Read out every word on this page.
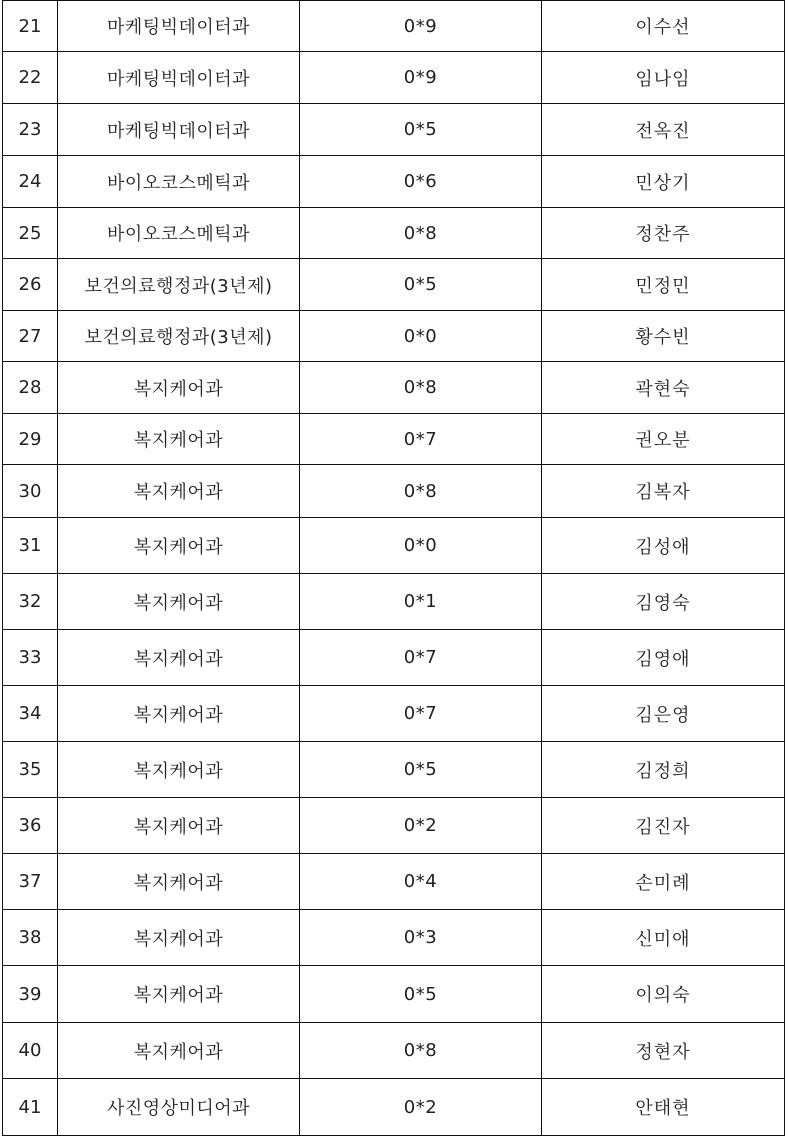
21	마케팅빅데이터과	0*9	이수선
22	마케팅빅데이터과	0*9	임나임
23	마케팅빅데이터과	0*5	전옥진
24	바이오코스메틱과	0*6	민상기
25	바이오코스메틱과	0*8	정찬주
26	보건의료행정과(3년제)	0*5	민정민
27	보건의료행정과(3년제)	0*0	황수빈
28	복지케어과	0*8	곽현숙
29	복지케어과	0*7	권오분
30	복지케어과	0*8	김복자
31	복지케어과	0*0	김성애
32	복지케어과	0*1	김영숙
33	복지케어과	0*7	김영애
34	복지케어과	0*7	김은영
35	복지케어과	0*5	김정희
36	복지케어과	0*2	김진자
37	복지케어과	0*4	손미례
38	복지케어과	0*3	신미애
39	복지케어과	0*5	이의숙
40	복지케어과	0*8	정현자
41	사진영상미디어과	0*2	안태현
